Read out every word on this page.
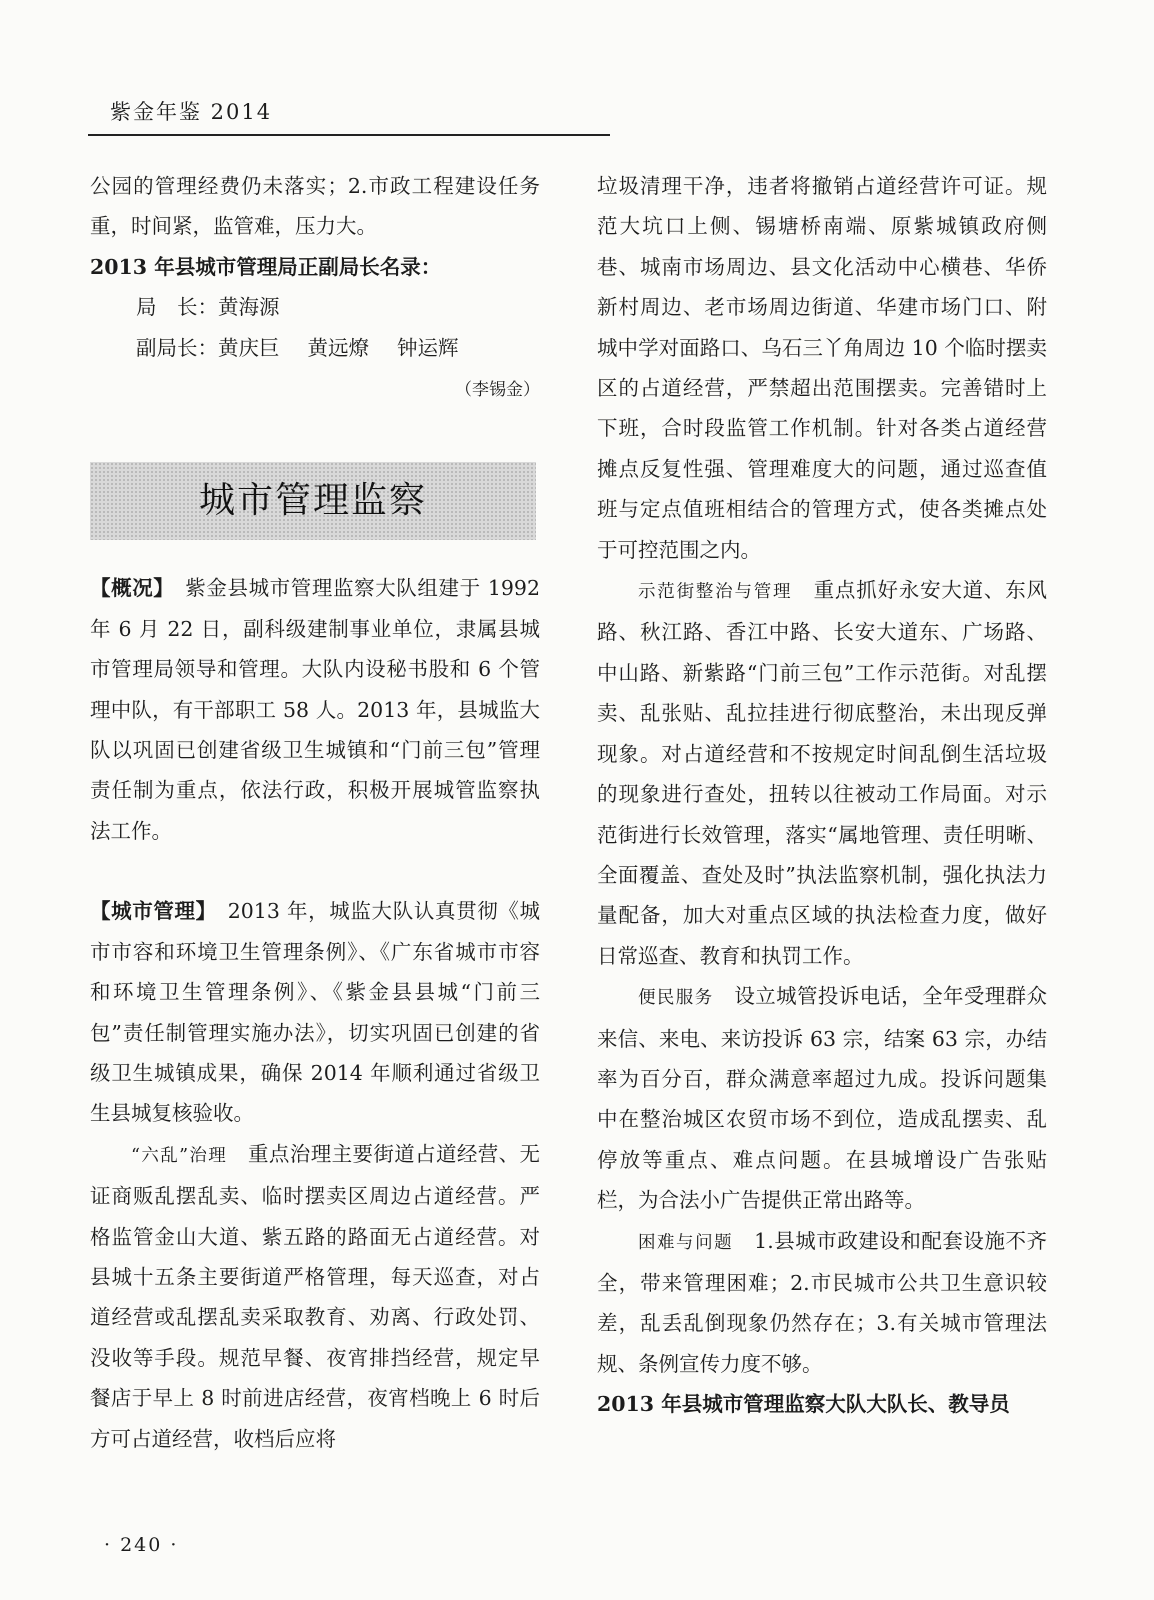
紫金年鉴 2014

公园的管理经费仍未落实；2.市政工程建设任务重，时间紧，监管难，压力大。

2013 年县城市管理局正副局长名录：

局　长：黄海源

副局长：黄庆巨 黄远燎 钟运辉

（李锡金）

城市管理监察

【概况】　紫金县城市管理监察大队组建于 1992 年 6 月 22 日，副科级建制事业单位，隶属县城市管理局领导和管理。大队内设秘书股和 6 个管理中队，有干部职工 58 人。2013 年，县城监大队以巩固已创建省级卫生城镇和“门前三包”管理责任制为重点，依法行政，积极开展城管监察执法工作。

【城市管理】　2013 年，城监大队认真贯彻《城市市容和环境卫生管理条例》、《广东省城市市容和环境卫生管理条例》、《紫金县县城“门前三包”责任制管理实施办法》，切实巩固已创建的省级卫生城镇成果，确保 2014 年顺利通过省级卫生县城复核验收。

“六乱”治理　重点治理主要街道占道经营、无证商贩乱摆乱卖、临时摆卖区周边占道经营。严格监管金山大道、紫五路的路面无占道经营。对县城十五条主要街道严格管理，每天巡查，对占道经营或乱摆乱卖采取教育、劝离、行政处罚、没收等手段。规范早餐、夜宵排挡经营，规定早餐店于早上 8 时前进店经营，夜宵档晚上 6 时后方可占道经营，收档后应将

垃圾清理干净，违者将撤销占道经营许可证。规范大坑口上侧、锡塘桥南端、原紫城镇政府侧巷、城南市场周边、县文化活动中心横巷、华侨新村周边、老市场周边街道、华建市场门口、附城中学对面路口、乌石三丫角周边 10 个临时摆卖区的占道经营，严禁超出范围摆卖。完善错时上下班，合时段监管工作机制。针对各类占道经营摊点反复性强、管理难度大的问题，通过巡查值班与定点值班相结合的管理方式，使各类摊点处于可控范围之内。

示范街整治与管理　重点抓好永安大道、东风路、秋江路、香江中路、长安大道东、广场路、中山路、新紫路“门前三包”工作示范街。对乱摆卖、乱张贴、乱拉挂进行彻底整治，未出现反弹现象。对占道经营和不按规定时间乱倒生活垃圾的现象进行查处，扭转以往被动工作局面。对示范街进行长效管理，落实“属地管理、责任明晰、全面覆盖、查处及时”执法监察机制，强化执法力量配备，加大对重点区域的执法检查力度，做好日常巡查、教育和执罚工作。

便民服务　设立城管投诉电话，全年受理群众来信、来电、来访投诉 63 宗，结案 63 宗，办结率为百分百，群众满意率超过九成。投诉问题集中在整治城区农贸市场不到位，造成乱摆卖、乱停放等重点、难点问题。在县城增设广告张贴栏，为合法小广告提供正常出路等。

困难与问题　1.县城市政建设和配套设施不齐全，带来管理困难；2.市民城市公共卫生意识较差，乱丢乱倒现象仍然存在；3.有关城市管理法规、条例宣传力度不够。

2013 年县城市管理监察大队大队长、教导员

· 240 ·
